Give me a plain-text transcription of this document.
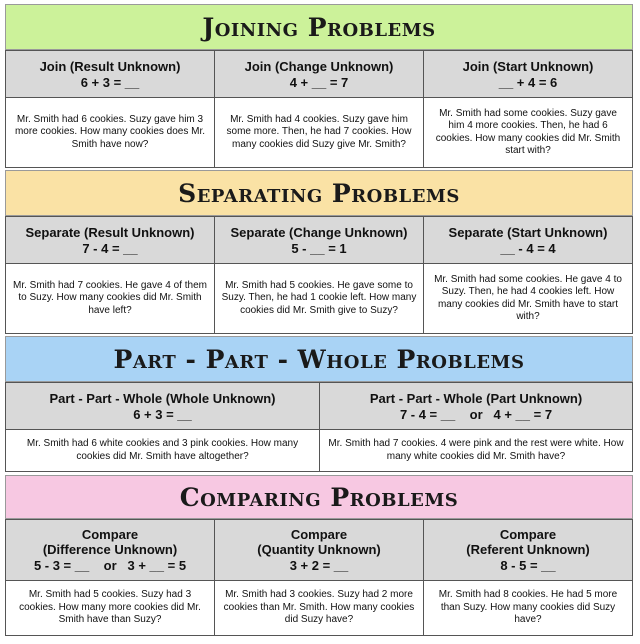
Joining Problems
Join (Result Unknown)
6 + 3 = __
Join (Change Unknown)
4 + __ = 7
Join (Start Unknown)
__ + 4 = 6
Mr. Smith had 6 cookies. Suzy gave him 3 more cookies. How many cookies does Mr. Smith have now?
Mr. Smith had 4 cookies. Suzy gave him some more. Then, he had 7 cookies. How many cookies did Suzy give Mr. Smith?
Mr. Smith had some cookies. Suzy gave him 4 more cookies. Then, he had 6 cookies. How many cookies did Mr. Smith start with?
Separating Problems
Separate (Result Unknown)
7 - 4 = __
Separate (Change Unknown)
5 - __ = 1
Separate (Start Unknown)
__ - 4 = 4
Mr. Smith had 7 cookies. He gave 4 of them to Suzy. How many cookies did Mr. Smith have left?
Mr. Smith had 5 cookies. He gave some to Suzy. Then, he had 1 cookie left. How many cookies did Mr. Smith give to Suzy?
Mr. Smith had some cookies. He gave 4 to Suzy. Then, he had 4 cookies left. How many cookies did Mr. Smith have to start with?
Part - Part - Whole Problems
Part - Part - Whole (Whole Unknown)
6 + 3 = __
Part - Part - Whole (Part Unknown)
7 - 4 = __    or   4 + __ = 7
Mr. Smith had 6 white cookies and 3 pink cookies. How many cookies did Mr. Smith have altogether?
Mr. Smith had 7 cookies. 4 were pink and the rest were white. How many white cookies did Mr. Smith have?
Comparing Problems
Compare
(Difference Unknown)
5 - 3 = __    or   3 + __ = 5
Compare
(Quantity Unknown)
3 + 2 = __
Compare
(Referent Unknown)
8 - 5 = __
Mr. Smith had 5 cookies. Suzy had 3 cookies. How many more cookies did Mr. Smith have than Suzy?
Mr. Smith had 3 cookies. Suzy had 2 more cookies than Mr. Smith. How many cookies did Suzy have?
Mr. Smith had 8 cookies. He had 5 more than Suzy. How many cookies did Suzy have?
